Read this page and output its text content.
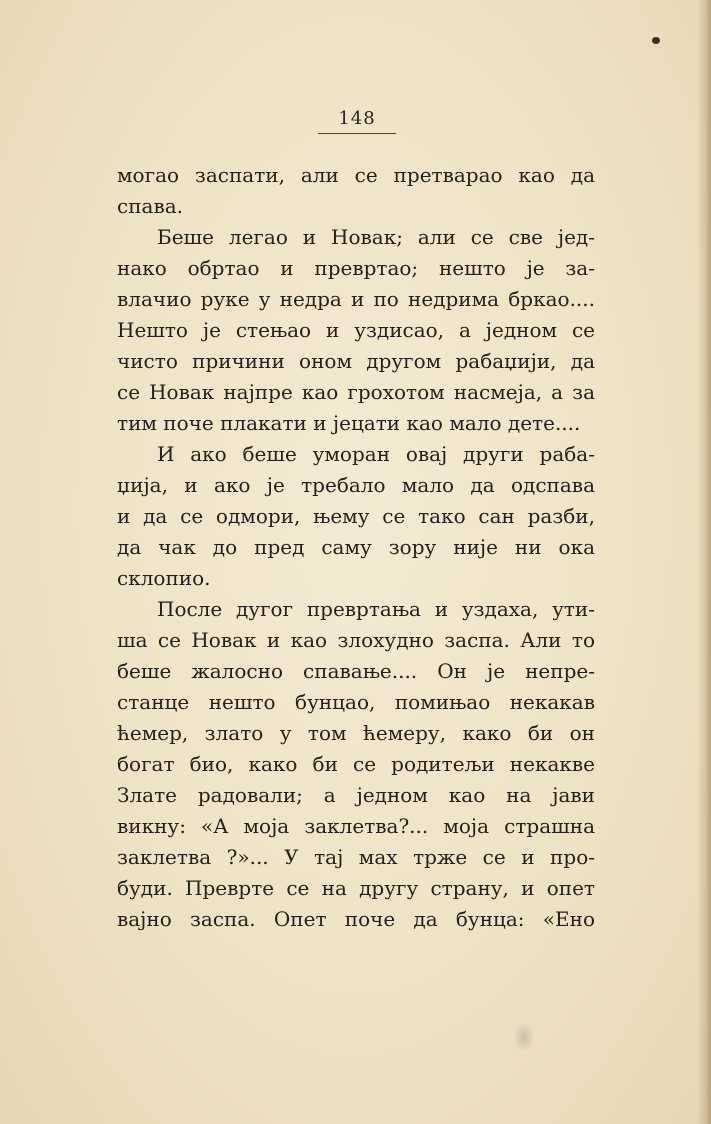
148
могао заспати, али се претварао као да
спава.
Беше легао и Новак; али се све јед-
нако обртао и превртао; нешто је за-
влачио руке у недра и по недрима бркао....
Нешто је стењао и уздисао, а једном се
чисто причини оном другом рабаџији, да
се Новак најпре као грохотом насмеја, а за
тим поче плакати и јецати као мало дете....
И ако беше уморан овај други раба-
џија, и ако је требало мало да одспава
и да се одмори, њему се тако сан разби,
да чак до пред саму зору није ни ока
склопио.
После дугог превртања и уздаха, ути-
ша се Новак и као злохудно заспа. Али то
беше жалосно спавање.... Он је непре-
станце нешто бунцао, помињао некакав
ћемер, злато у том ћемеру, како би он
богат био, како би се родитељи некакве
Злате радовали; а једном као на јави
викну: «А моја заклетва?... моја страшна
заклетва ?»... У тај мах трже се и про-
буди. Преврте се на другу страну, и опет
вајно заспа. Опет поче да бунца: «Ено
